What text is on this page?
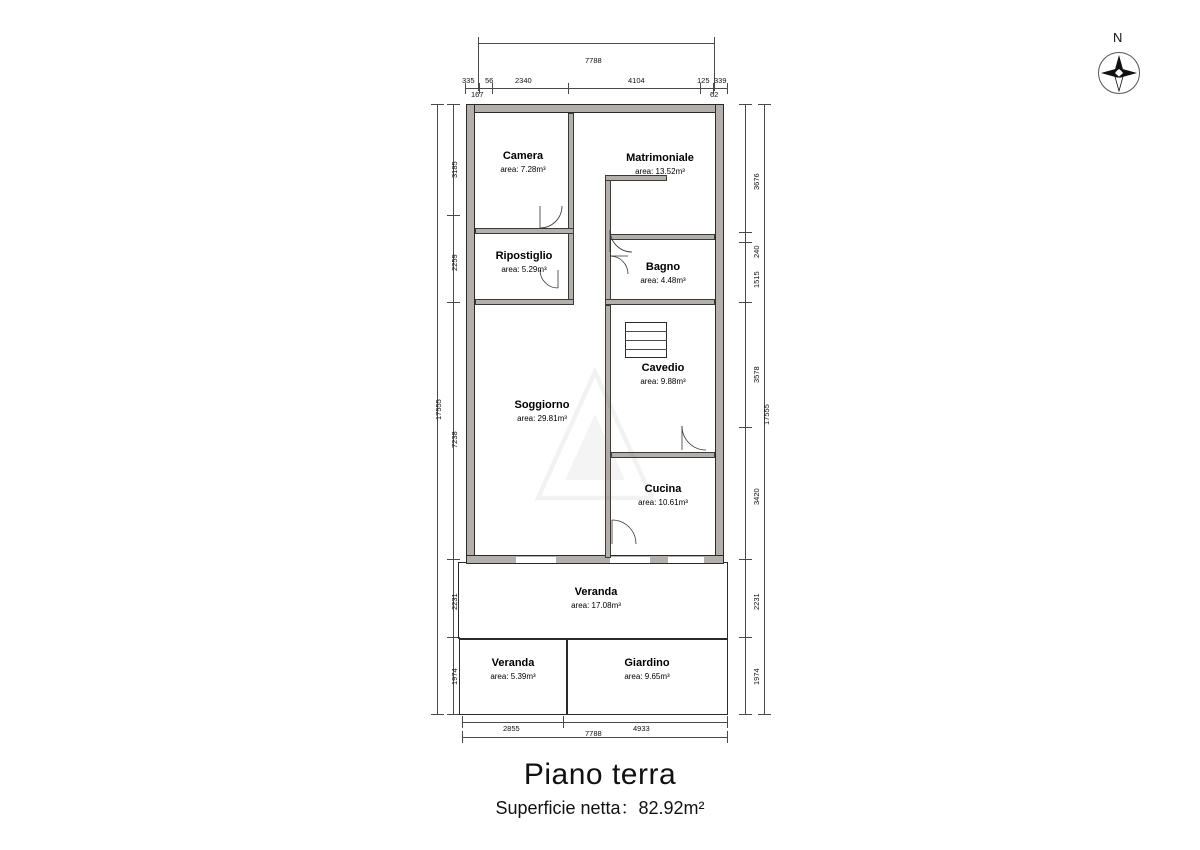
7788
335 56	2340	4104	125 339
167	62
17555
3185
2259
7238
2231
1974
3676
240
1515
3578
3420
2231
1974
17555
2855	4933
7788
Camera
area: 7.28m³
Matrimoniale
area: 13.52m³
Ripostiglio
area: 5.29m³	Bagno
area: 4.48m³
Soggiorno
area: 29.81m³
Cavedio
area: 9.88m³
Cucina
area: 10.61m³
Veranda
area: 17.08m³
Veranda
area: 5.39m³
Giardino
area: 9.65m³
N
Piano terra
Superficie netta：82.92m²
